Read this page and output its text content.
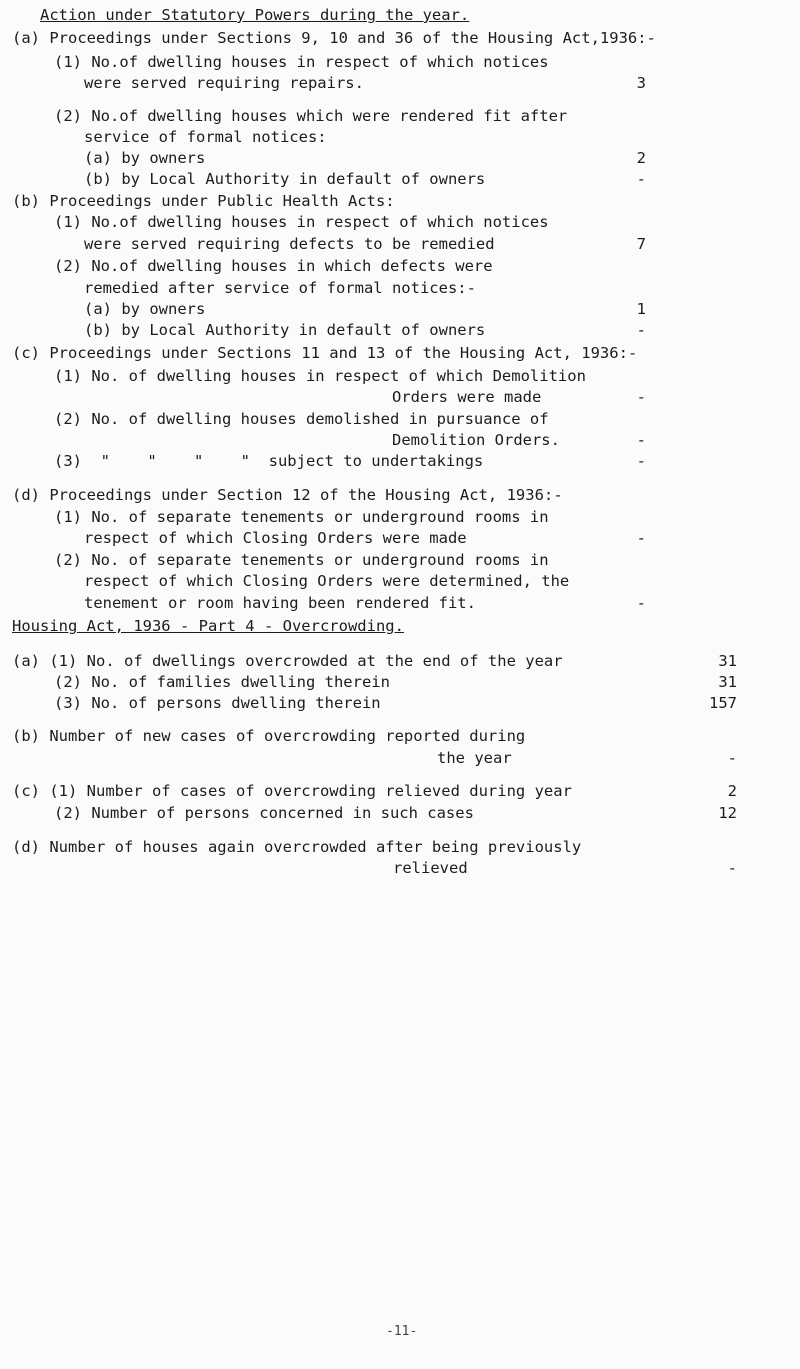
Action under Statutory Powers during the year.
(a) Proceedings under Sections 9, 10 and 36 of the Housing Act,1936:-
(1) No.of dwelling houses in respect of which notices
were served requiring repairs.	3
(2) No.of dwelling houses which were rendered fit after
service of formal notices:
(a) by owners	2
(b) by Local Authority in default of owners	-
(b) Proceedings under Public Health Acts:
(1) No.of dwelling houses in respect of which notices
were served requiring defects to be remedied	7
(2) No.of dwelling houses in which defects were
remedied after service of formal notices:-
(a) by owners	1
(b) by Local Authority in default of owners	-
(c) Proceedings under Sections 11 and 13 of the Housing Act, 1936:-
(1) No. of dwelling houses in respect of which Demolition
Orders were made	-
(2) No. of dwelling houses demolished in pursuance of
Demolition Orders.	-
(3)  "    "    "    "  subject to undertakings	-
(d) Proceedings under Section 12 of the Housing Act, 1936:-
(1) No. of separate tenements or underground rooms in
respect of which Closing Orders were made	-
(2) No. of separate tenements or underground rooms in
respect of which Closing Orders were determined, the
tenement or room having been rendered fit.	-
Housing Act, 1936 - Part 4 - Overcrowding.
(a) (1) No. of dwellings overcrowded at the end of the year	31
(2) No. of families dwelling therein	31
(3) No. of persons dwelling therein	157
(b) Number of new cases of overcrowding reported during
the year	-
(c) (1) Number of cases of overcrowding relieved during year	2
(2) Number of persons concerned in such cases	12
(d) Number of houses again overcrowded after being previously
relieved	-
-11-
